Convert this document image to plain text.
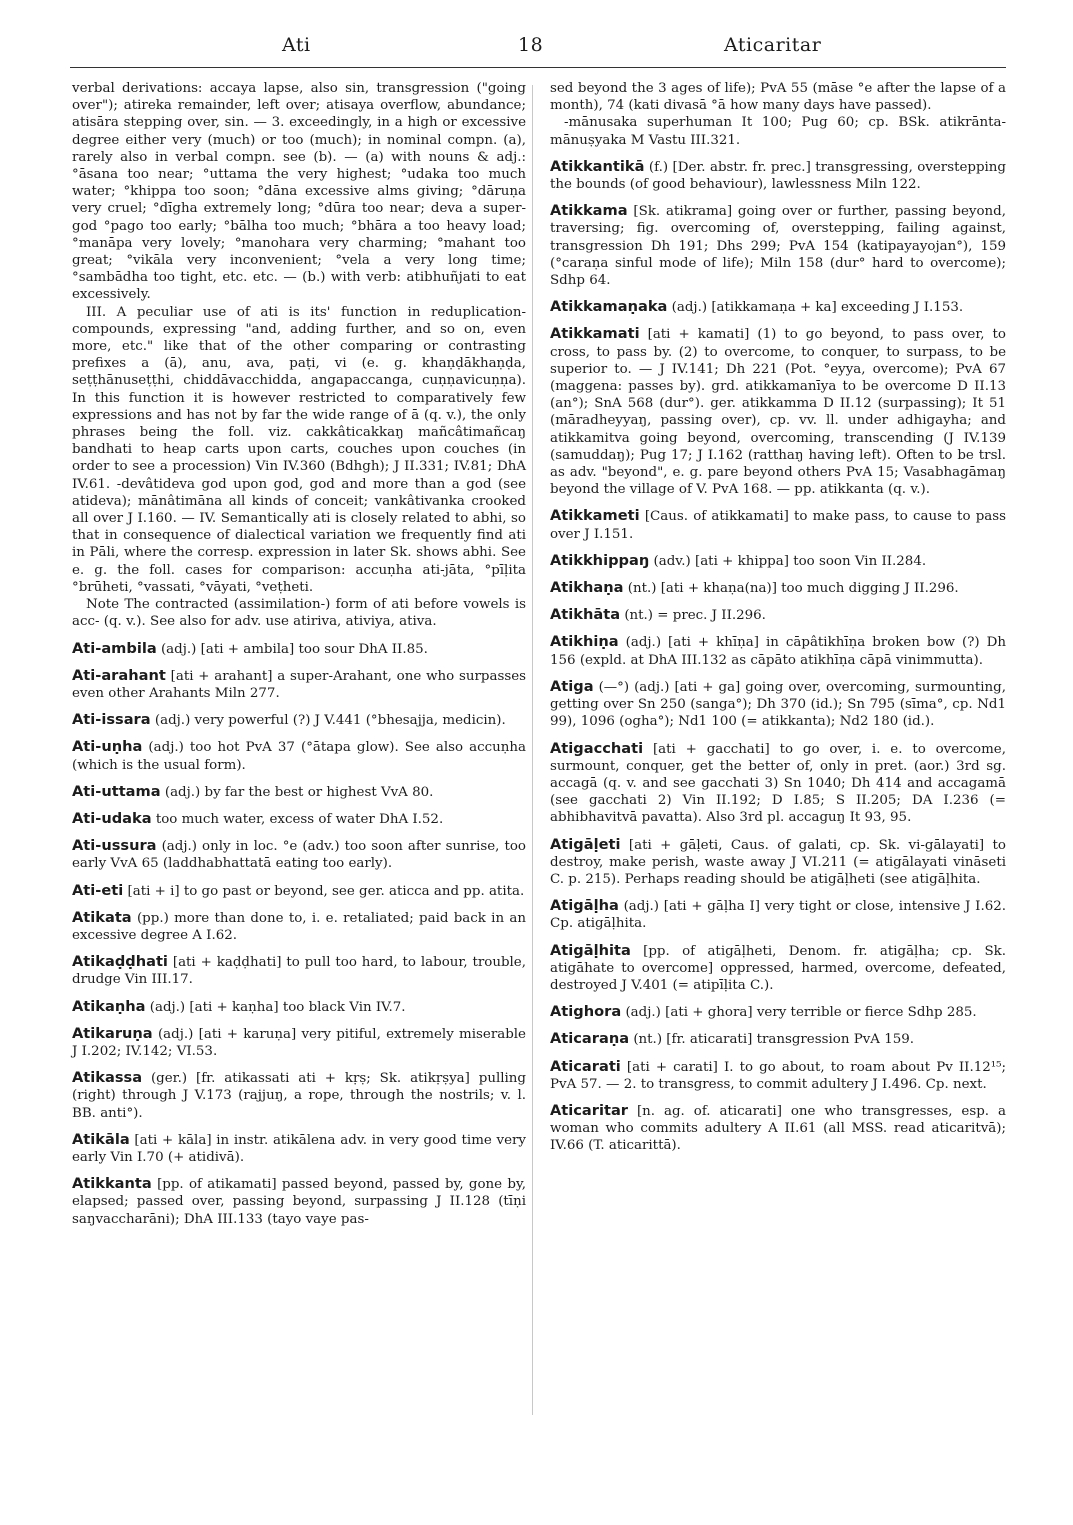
Ati	18	Aticaritar

verbal derivations: accaya lapse, also sin, transgression ("going over"); atireka remainder, left over; atisaya overflow, abundance; atisāra stepping over, sin. — 3. exceedingly, in a high or excessive degree either very (much) or too (much); in nominal compn. (a), rarely also in verbal compn. see (b). — (a) with nouns & adj.: °āsana too near; °uttama the very highest; °udaka too much water; °khippa too soon; °dāna excessive alms giving; °dāruṇa very cruel; °dīgha extremely long; °dūra too near; deva a super-god °pago too early; °bālha too much; °bhāra a too heavy load; °manāpa very lovely; °manohara very charming; °mahant too great; °vikāla very inconvenient; °vela a very long time; °sambādha too tight, etc. etc. — (b.) with verb: atibhuñjati to eat excessively.

III. A peculiar use of ati is its' function in reduplication-compounds, expressing "and, adding further, and so on, even more, etc." like that of the other comparing or contrasting prefixes a (ā), anu, ava, paṭi, vi (e. g. khaṇḍākhaṇḍa, seṭṭhānuseṭṭhi, chiddāvacchidda, angapaccanga, cuṇṇavicuṇṇa). In this function it is however restricted to comparatively few expressions and has not by far the wide range of ā (q. v.), the only phrases being the foll. viz. cakkâticakkaŋ mañcâtimañcaŋ bandhati to heap carts upon carts, couches upon couches (in order to see a procession) Vin IV.360 (Bdhgh); J II.331; IV.81; DhA IV.61. -devâtideva god upon god, god and more than a god (see atideva); mānâtimāna all kinds of conceit; vankâtivanka crooked all over J I.160. — IV. Semantically ati is closely related to abhi, so that in consequence of dialectical variation we frequently find ati in Pāli, where the corresp. expression in later Sk. shows abhi. See e. g. the foll. cases for comparison: accuṇha ati-jāta, °pīḷita °brūheti, °vassati, °vāyati, °veṭheti.

Note The contracted (assimilation-) form of ati before vowels is acc- (q. v.). See also for adv. use atiriva, ativiya, ativa.

Ati-ambila (adj.) [ati + ambila] too sour DhA II.85.

Ati-arahant [ati + arahant] a super-Arahant, one who surpasses even other Arahants Miln 277.

Ati-issara (adj.) very powerful (?) J V.441 (°bhesajja, medicin).

Ati-uṇha (adj.) too hot PvA 37 (°ātapa glow). See also accuṇha (which is the usual form).

Ati-uttama (adj.) by far the best or highest VvA 80.

Ati-udaka too much water, excess of water DhA I.52.

Ati-ussura (adj.) only in loc. °e (adv.) too soon after sunrise, too early VvA 65 (laddhabhattatā eating too early).

Ati-eti [ati + i] to go past or beyond, see ger. aticca and pp. atita.

Atikata (pp.) more than done to, i. e. retaliated; paid back in an excessive degree A I.62.

Atikaḍḍhati [ati + kaḍḍhati] to pull too hard, to labour, trouble, drudge Vin III.17.

Atikaṇha (adj.) [ati + kaṇha] too black Vin IV.7.

Atikaruṇa (adj.) [ati + karuṇa] very pitiful, extremely miserable J I.202; IV.142; VI.53.

Atikassa (ger.) [fr. atikassati ati + kṛṣ; Sk. atikṛṣya] pulling (right) through J V.173 (rajjuŋ, a rope, through the nostrils; v. l. BB. anti°).

Atikāla [ati + kāla] in instr. atikālena adv. in very good time very early Vin I.70 (+ atidivā).

Atikkanta [pp. of atikamati] passed beyond, passed by, gone by, elapsed; passed over, passing beyond, surpassing J II.128 (tīṇi saŋvaccharāni); DhA III.133 (tayo vaye pas-

sed beyond the 3 ages of life); PvA 55 (māse °e after the lapse of a month), 74 (kati divasā °ā how many days have passed).

-mānusaka superhuman It 100; Pug 60; cp. BSk. atikrānta-mānuṣyaka M Vastu III.321.

Atikkantikā (f.) [Der. abstr. fr. prec.] transgressing, overstepping the bounds (of good behaviour), lawlessness Miln 122.

Atikkama [Sk. atikrama] going over or further, passing beyond, traversing; fig. overcoming of, overstepping, failing against, transgression Dh 191; Dhs 299; PvA 154 (katipayayojan°), 159 (°caraṇa sinful mode of life); Miln 158 (dur° hard to overcome); Sdhp 64.

Atikkamaṇaka (adj.) [atikkamaṇa + ka] exceeding J I.153.

Atikkamati [ati + kamati] (1) to go beyond, to pass over, to cross, to pass by. (2) to overcome, to conquer, to surpass, to be superior to. — J IV.141; Dh 221 (Pot. °eyya, overcome); PvA 67 (maggena: passes by). grd. atikkamanīya to be overcome D II.13 (an°); SnA 568 (dur°). ger. atikkamma D II.12 (surpassing); It 51 (māradheyyaŋ, passing over), cp. vv. ll. under adhigayha; and atikkamitva going beyond, overcoming, transcending (J IV.139 (samuddaŋ); Pug 17; J I.162 (ratthaŋ having left). Often to be trsl. as adv. "beyond", e. g. pare beyond others PvA 15; Vasabhagāmaŋ beyond the village of V. PvA 168. — pp. atikkanta (q. v.).

Atikkameti [Caus. of atikkamati] to make pass, to cause to pass over J I.151.

Atikkhippaŋ (adv.) [ati + khippa] too soon Vin II.284.

Atikhaṇa (nt.) [ati + khaṇa(na)] too much digging J II.296.

Atikhāta (nt.) = prec. J II.296.

Atikhiṇa (adj.) [ati + khīṇa] in cāpâtikhīṇa broken bow (?) Dh 156 (expld. at DhA III.132 as cāpāto atikhīṇa cāpā vinimmutta).

Atiga (—°) (adj.) [ati + ga] going over, overcoming, surmounting, getting over Sn 250 (sanga°); Dh 370 (id.); Sn 795 (sīma°, cp. Nd1 99), 1096 (ogha°); Nd1 100 (= atikkanta); Nd2 180 (id.).

Atigacchati [ati + gacchati] to go over, i. e. to overcome, surmount, conquer, get the better of, only in pret. (aor.) 3rd sg. accagā (q. v. and see gacchati 3) Sn 1040; Dh 414 and accagamā (see gacchati 2) Vin II.192; D I.85; S II.205; DA I.236 (= abhibhavitvā pavatta). Also 3rd pl. accaguŋ It 93, 95.

Atigāḷeti [ati + gāḷeti, Caus. of galati, cp. Sk. vi-gālayati] to destroy, make perish, waste away J VI.211 (= atigālayati vināseti C. p. 215). Perhaps reading should be atigāḷheti (see atigāḷhita.

Atigāḷha (adj.) [ati + gāḷha I] very tight or close, intensive J I.62. Cp. atigāḷhita.

Atigāḷhita [pp. of atigāḷheti, Denom. fr. atigāḷha; cp. Sk. atigāhate to overcome] oppressed, harmed, overcome, defeated, destroyed J V.401 (= atipīḷita C.).

Atighora (adj.) [ati + ghora] very terrible or fierce Sdhp 285.

Aticaraṇa (nt.) [fr. aticarati] transgression PvA 159.

Aticarati [ati + carati] I. to go about, to roam about Pv II.12¹⁵; PvA 57. — 2. to transgress, to commit adultery J I.496. Cp. next.

Aticaritar [n. ag. of. aticarati] one who transgresses, esp. a woman who commits adultery A II.61 (all MSS. read aticaritvā); IV.66 (T. aticarittā).
